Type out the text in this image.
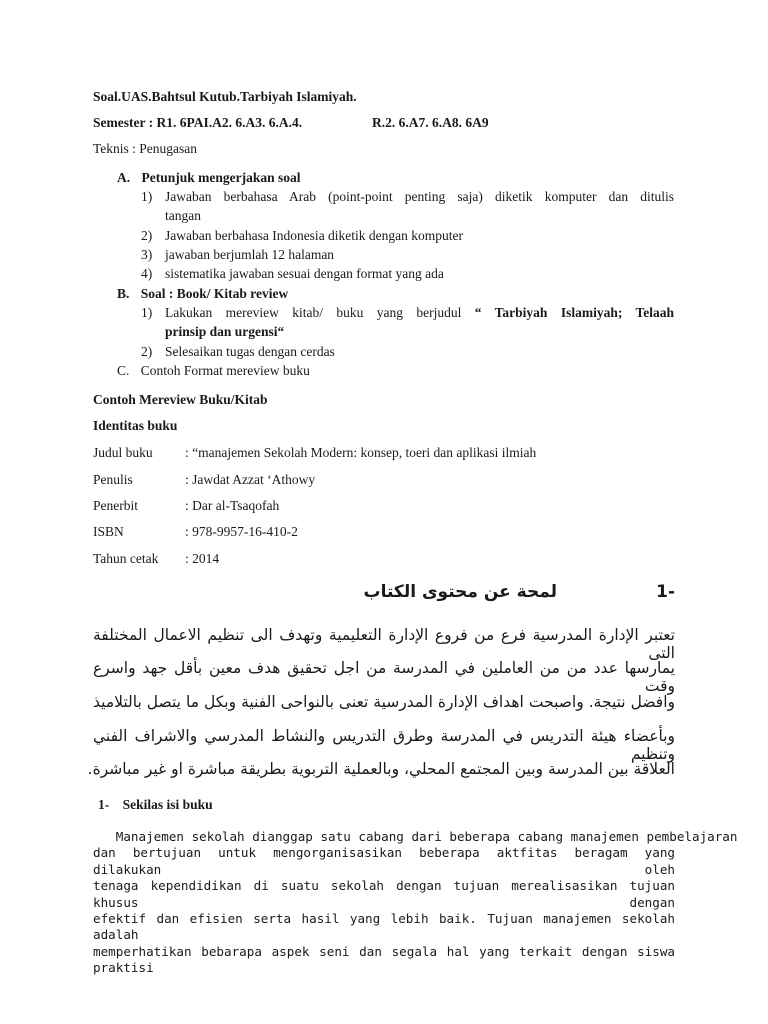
Soal.UAS.Bahtsul Kutub.Tarbiyah Islamiyah.
Semester : R1. 6PAI.A2. 6.A3. 6.A.4.	R.2. 6.A7. 6.A8. 6A9
Teknis : Penugasan
A. Petunjuk mengerjakan soal
1) Jawaban berbahasa Arab (point-point penting saja) diketik komputer dan ditulis
tangan
2) Jawaban berbahasa Indonesia diketik dengan komputer
3) jawaban berjumlah 12 halaman
4) sistematika jawaban sesuai dengan format yang ada
B. Soal : Book/ Kitab review
1) Lakukan mereview kitab/ buku yang berjudul “ Tarbiyah Islamiyah; Telaah
prinsip dan urgensi“
2) Selesaikan tugas dengan cerdas
C. Contoh Format mereview buku
Contoh Mereview Buku/Kitab
Identitas buku
Judul buku : “manajemen Sekolah Modern: konsep, toeri dan aplikasi ilmiah
Penulis	: Jawdat Azzat ‘Athowy
Penerbit	: Dar al-Tsaqofah
ISBN	: 978-9957-16-410-2
Tahun cetak : 2014
-1
لمحة عن محتوى الكتاب
تعتبر الإدارة المدرسية فرع من فروع الإدارة التعليمية وتهدف الى تنظيم الاعمال المختلفة التى
يمارسها عدد من من العاملين في المدرسة من اجل تحقيق هدف معين بأقل جهد واسرع وقت
وافضل نتيجة. واصبحت اهداف الإدارة المدرسية تعنى بالنواحى الفنية وبكل ما يتصل بالتلاميذ
وبأعضاء هيئة التدريس في المدرسة وطرق التدريس والنشاط المدرسي والاشراف الفني وتنظيم
العلاقة بين المدرسة وبين المجتمع المحلي، وبالعملية التربوية بطريقة مباشرة او غير مباشرة.
1- Sekilas isi buku
Manajemen sekolah dianggap satu cabang dari beberapa cabang manajemen pembelajaran
dan bertujuan untuk mengorganisasikan beberapa aktfitas beragam yang dilakukan oleh
tenaga kependidikan di suatu sekolah dengan tujuan merealisasikan tujuan khusus dengan
efektif dan efisien serta hasil yang lebih baik. Tujuan manajemen sekolah adalah
memperhatikan bebarapa aspek seni dan segala hal yang terkait dengan siswa praktisi
